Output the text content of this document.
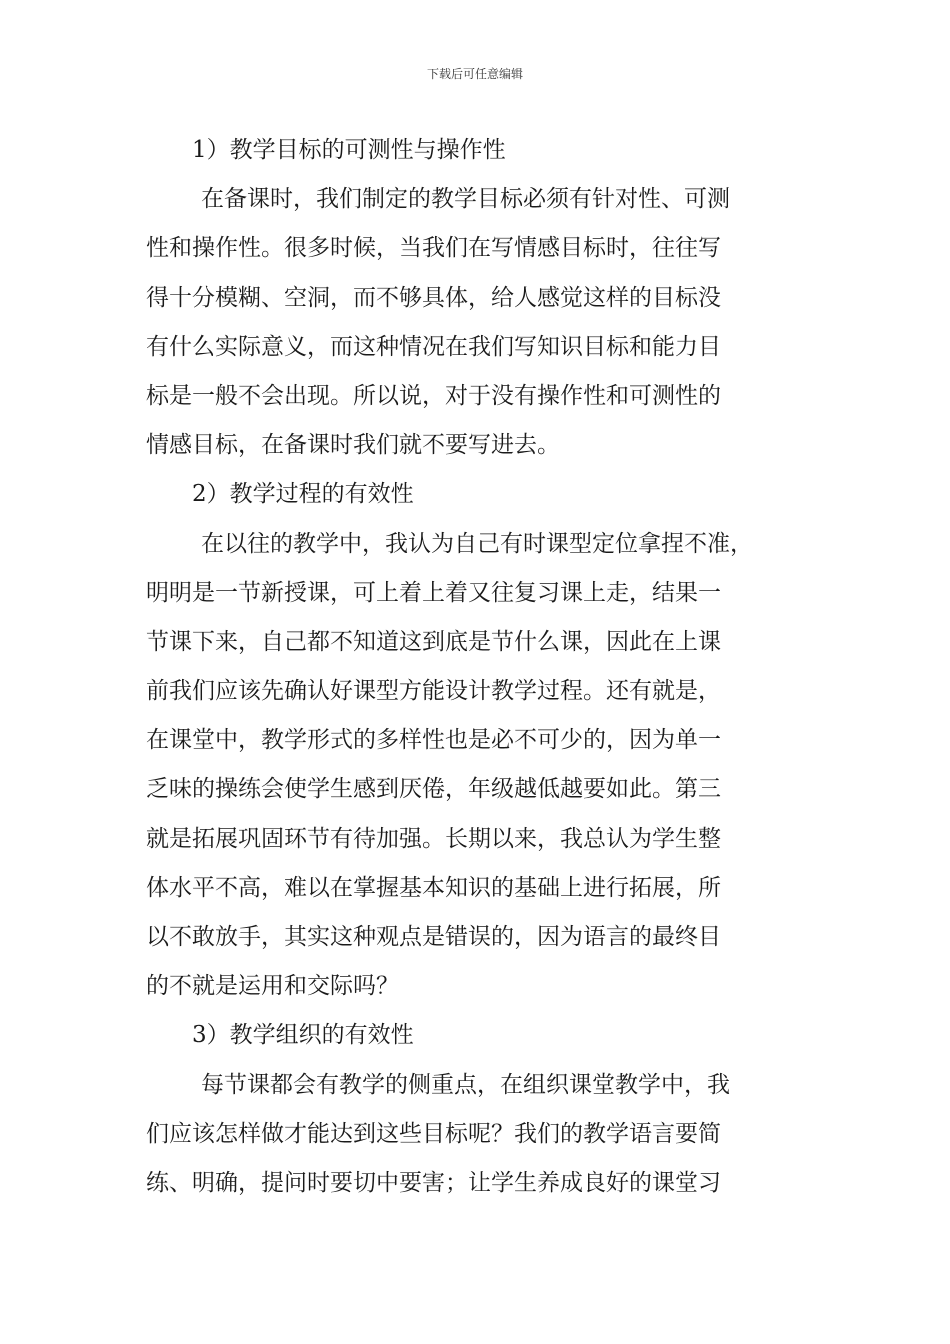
下载后可任意编辑
1）教学目标的可测性与操作性
在备课时，我们制定的教学目标必须有针对性、可测
性和操作性。很多时候，当我们在写情感目标时，往往写
得十分模糊、空洞，而不够具体，给人感觉这样的目标没
有什么实际意义，而这种情况在我们写知识目标和能力目
标是一般不会出现。所以说，对于没有操作性和可测性的
情感目标，在备课时我们就不要写进去。
2）教学过程的有效性
在以往的教学中，我认为自己有时课型定位拿捏不准，
明明是一节新授课，可上着上着又往复习课上走，结果一
节课下来，自己都不知道这到底是节什么课，因此在上课
前我们应该先确认好课型方能设计教学过程。还有就是，
在课堂中，教学形式的多样性也是必不可少的，因为单一
乏味的操练会使学生感到厌倦，年级越低越要如此。第三
就是拓展巩固环节有待加强。长期以来，我总认为学生整
体水平不高，难以在掌握基本知识的基础上进行拓展，所
以不敢放手，其实这种观点是错误的，因为语言的最终目
的不就是运用和交际吗？
3）教学组织的有效性
每节课都会有教学的侧重点，在组织课堂教学中，我
们应该怎样做才能达到这些目标呢？我们的教学语言要简
练、明确，提问时要切中要害；让学生养成良好的课堂习
